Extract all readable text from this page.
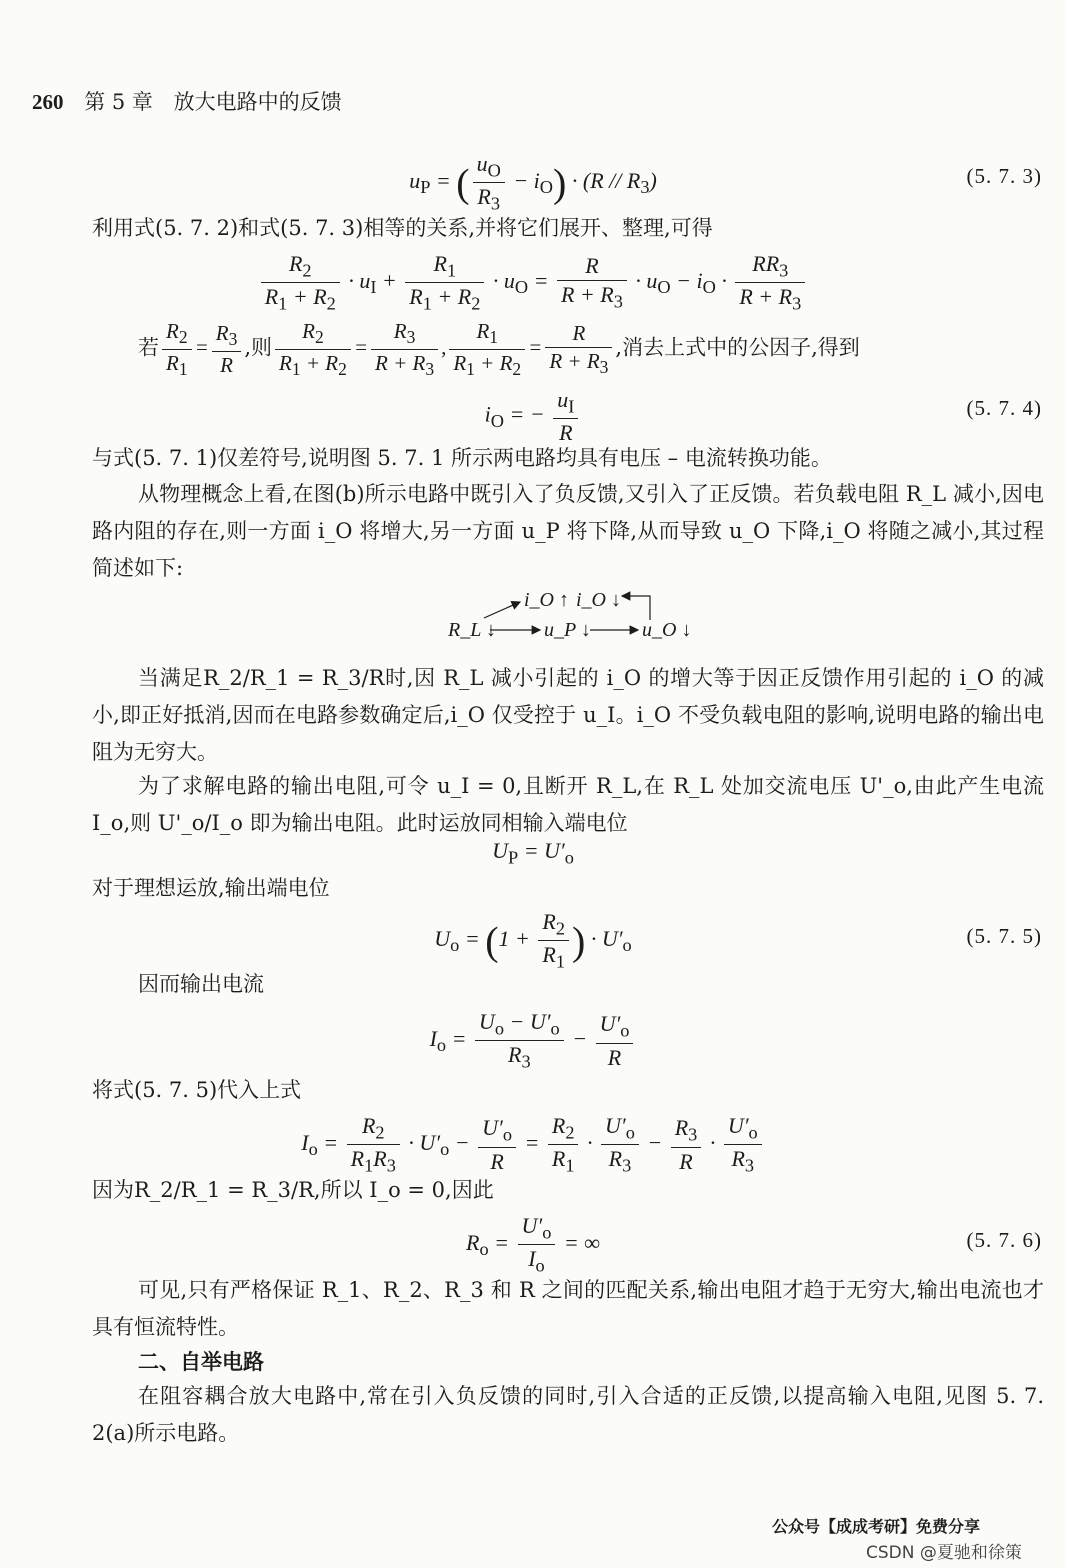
260 第 5 章 放大电路中的反馈
$u_P$ = ( $\frac{u_O}{R_3} - i_O) \cdot (R // R_3)$	(5. 7. 3)
利用式(5. 7. 2)和式(5. 7. 3)相等的关系,并将它们展开、整理,可得
$\frac{R_2}{R_1 + R_2} \cdot u_I + \frac{R_1}{R_1 + R_2} \cdot u_O = \frac{R}{R + R_3} \cdot u_O - i_O \cdot \frac{RR_3}{R + R_3}$
若 $\frac{R_2}{R_1} = \frac{R_3}{R}$ ,则 $\frac{R_2}{R_1 + R_2} = \frac{R_3}{R + R_3}$ , $\frac{R_1}{R_1 + R_2} = \frac{R}{R + R_3}$ ,消去上式中的公因子,得到
$i_O$ = − $\frac{u_I}{R}$	(5. 7. 4)
与式(5. 7. 1)仅差符号,说明图 5. 7. 1 所示两电路均具有电压 – 电流转换功能。
从物理概念上看,在图(b)所示电路中既引入了负反馈,又引入了正反馈。若负载电阻 R_L 减小,因电路内阻的存在,则一方面 i_O 将增大,另一方面 u_P 将下降,从而导致 u_O 下降,i_O 将随之减小,其过程简述如下:
R_L ↓ u_P ↓	u_O ↓
i_O ↑ i_O ↓
当满足R_2/R_1 = R_3/R时,因 R_L 减小引起的 i_O 的增大等于因正反馈作用引起的 i_O 的减小,即正好抵消,因而在电路参数确定后,i_O 仅受控于 u_I。i_O 不受负载电阻的影响,说明电路的输出电阻为无穷大。
为了求解电路的输出电阻,可令 u_I = 0,且断开 R_L,在 R_L 处加交流电压 U'_o,由此产生电流 I_o,则 U'_o/I_o 即为输出电阻。此时运放同相输入端电位
$U_P = U'_o$
对于理想运放,输出端电位
$U_o = (1 + \frac{R_2}{R_1}$ ) · $U'_o$	(5. 7. 5)
因而输出电流
$I_o = \frac{U_o - U'_o}{R_3} - \frac{U'_o}{R}$
将式(5. 7. 5)代入上式
$I_o = \frac{R_2}{R_1R_3} \cdot U'_o - \frac{U'_o}{R} = \frac{R_2}{R_1} \cdot \frac{U'_o}{R_3} - \frac{R_3}{R} \cdot \frac{U'_o}{R_3}$
因为R_2/R_1 = R_3/R,所以 I_o = 0,因此
$R_o = \frac{U'_o}{I_o}$ = ∞	(5. 7. 6)
可见,只有严格保证 R_1、R_2、R_3 和 R 之间的匹配关系,输出电阻才趋于无穷大,输出电流也才具有恒流特性。
二、自举电路
在阻容耦合放大电路中,常在引入负反馈的同时,引入合适的正反馈,以提高输入电阻,见图 5. 7. 2(a)所示电路。
公众号【成成考研】免费分享
CSDN @夏驰和徐策
